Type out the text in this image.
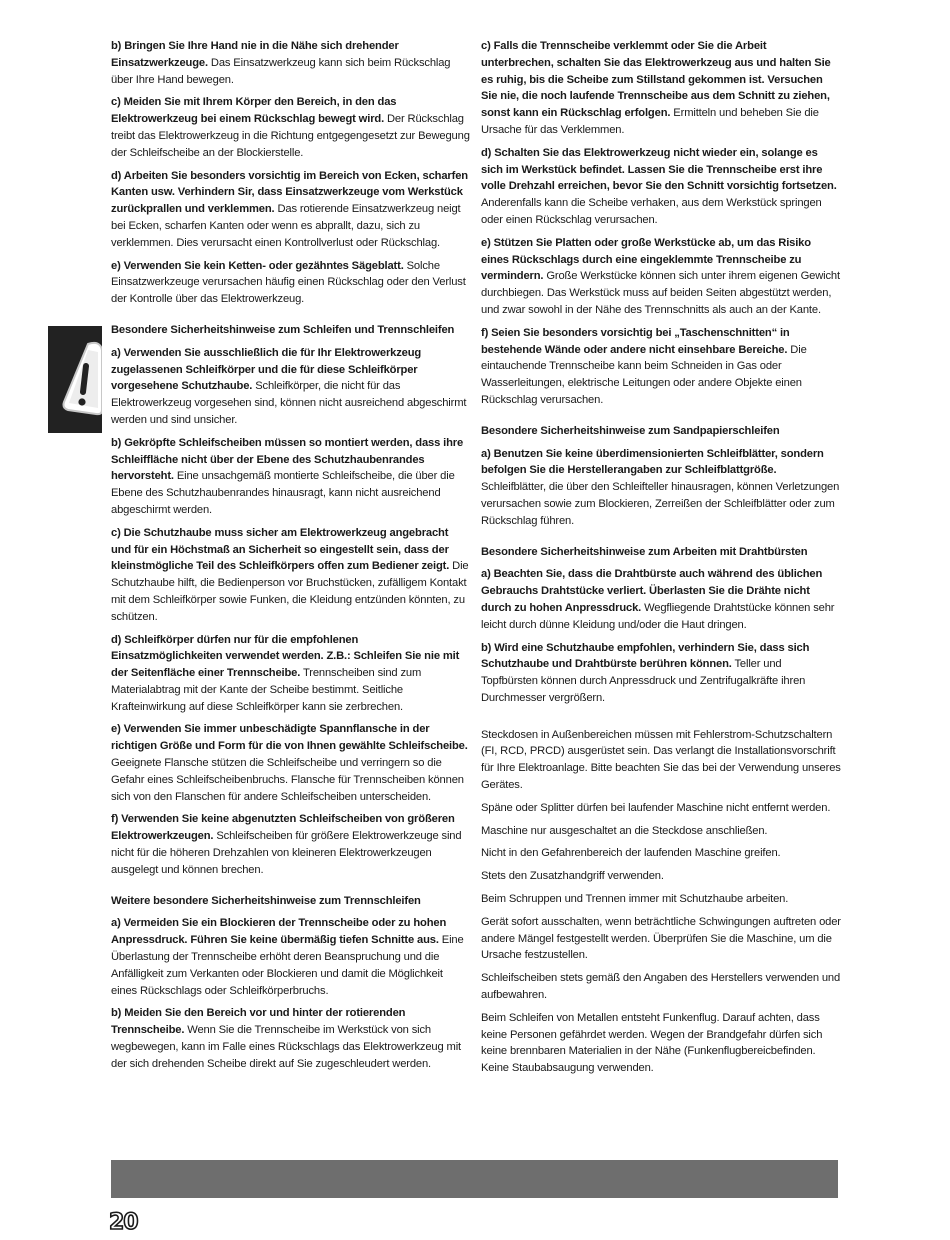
b) Bringen Sie Ihre Hand nie in die Nähe sich drehender Einsatzwerkzeuge. Das Einsatzwerkzeug kann sich beim Rückschlag über Ihre Hand bewegen.

c) Meiden Sie mit Ihrem Körper den Bereich, in den das Elektrowerkzeug bei einem Rückschlag bewegt wird. Der Rückschlag treibt das Elektrowerkzeug in die Richtung entgegengesetzt zur Bewegung der Schleifscheibe an der Blockierstelle.

d) Arbeiten Sie besonders vorsichtig im Bereich von Ecken, scharfen Kanten usw. Verhindern Sir, dass Einsatzwerkzeuge vom Werkstück zurückprallen und verklemmen. Das rotierende Einsatzwerkzeug neigt bei Ecken, scharfen Kanten oder wenn es abprallt, dazu, sich zu verklemmen. Dies verursacht einen Kontrollverlust oder Rückschlag.

e) Verwenden Sie kein Ketten- oder gezähntes Sägeblatt. Solche Einsatzwerkzeuge verursachen häufig einen Rückschlag oder den Verlust der Kontrolle über das Elektrowerkzeug.

Besondere Sicherheitshinweise zum Schleifen und Trennschleifen

a) Verwenden Sie ausschließlich die für Ihr Elektrowerkzeug zugelassenen Schleifkörper und die für diese Schleifkörper vorgesehene Schutzhaube. Schleifkörper, die nicht für das Elektrowerkzeug vorgesehen sind, können nicht ausreichend abgeschirmt werden und sind unsicher.

b) Gekröpfte Schleifscheiben müssen so montiert werden, dass ihre Schleiffläche nicht über der Ebene des Schutzhaubenrandes hervorsteht. Eine unsachgemäß montierte Schleifscheibe, die über die Ebene des Schutzhaubenrandes hinausragt, kann nicht ausreichend abgeschirmt werden.

c) Die Schutzhaube muss sicher am Elektrowerkzeug angebracht und für ein Höchstmaß an Sicherheit so eingestellt sein, dass der kleinstmögliche Teil des Schleifkörpers offen zum Bediener zeigt. Die Schutzhaube hilft, die Bedienperson vor Bruchstücken, zufälligem Kontakt mit dem Schleifkörper sowie Funken, die Kleidung entzünden könnten, zu schützen.

d) Schleifkörper dürfen nur für die empfohlenen Einsatzmöglichkeiten verwendet werden. Z.B.: Schleifen Sie nie mit der Seitenfläche einer Trennscheibe. Trennscheiben sind zum Materialabtrag mit der Kante der Scheibe bestimmt. Seitliche Krafteinwirkung auf diese Schleifkörper kann sie zerbrechen.

e) Verwenden Sie immer unbeschädigte Spannflansche in der richtigen Größe und Form für die von Ihnen gewählte Schleifscheibe. Geeignete Flansche stützen die Schleifscheibe und verringern so die Gefahr eines Schleifscheibenbruchs. Flansche für Trennscheiben können sich von den Flanschen für andere Schleifscheiben unterscheiden.

f) Verwenden Sie keine abgenutzten Schleifscheiben von größeren Elektrowerkzeugen. Schleifscheiben für größere Elektrowerkzeuge sind nicht für die höheren Drehzahlen von kleineren Elektrowerkzeugen ausgelegt und können brechen.

Weitere besondere Sicherheitshinweise zum Trennschleifen

a) Vermeiden Sie ein Blockieren der Trennscheibe oder zu hohen Anpressdruck. Führen Sie keine übermäßig tiefen Schnitte aus. Eine Überlastung der Trennscheibe erhöht deren Beanspruchung und die Anfälligkeit zum Verkanten oder Blockieren und damit die Möglichkeit eines Rückschlags oder Schleifkörperbruchs.

b) Meiden Sie den Bereich vor und hinter der rotierenden Trennscheibe. Wenn Sie die Trennscheibe im Werkstück von sich wegbewegen, kann im Falle eines Rückschlags das Elektrowerkzeug mit der sich drehenden Scheibe direkt auf Sie zugeschleudert werden.

c) Falls die Trennscheibe verklemmt oder Sie die Arbeit unterbrechen, schalten Sie das Elektrowerkzeug aus und halten Sie es ruhig, bis die Scheibe zum Stillstand gekommen ist. Versuchen Sie nie, die noch laufende Trennscheibe aus dem Schnitt zu ziehen, sonst kann ein Rückschlag erfolgen. Ermitteln und beheben Sie die Ursache für das Verklemmen.

d) Schalten Sie das Elektrowerkzeug nicht wieder ein, solange es sich im Werkstück befindet. Lassen Sie die Trennscheibe erst ihre volle Drehzahl erreichen, bevor Sie den Schnitt vorsichtig fortsetzen. Anderenfalls kann die Scheibe verhaken, aus dem Werkstück springen oder einen Rückschlag verursachen.

e) Stützen Sie Platten oder große Werkstücke ab, um das Risiko eines Rückschlags durch eine eingeklemmte Trennscheibe zu vermindern. Große Werkstücke können sich unter ihrem eigenen Gewicht durchbiegen. Das Werkstück muss auf beiden Seiten abgestützt werden, und zwar sowohl in der Nähe des Trennschnitts als auch an der Kante.

f) Seien Sie besonders vorsichtig bei „Taschenschnitten“ in bestehende Wände oder andere nicht einsehbare Bereiche. Die eintauchende Trennscheibe kann beim Schneiden in Gas oder Wasserleitungen, elektrische Leitungen oder andere Objekte einen Rückschlag verursachen.

Besondere Sicherheitshinweise zum Sandpapierschleifen

a) Benutzen Sie keine überdimensionierten Schleifblätter, sondern befolgen Sie die Herstellerangaben zur Schleifblattgröße. Schleifblätter, die über den Schleifteller hinausragen, können Verletzungen verursachen sowie zum Blockieren, Zerreißen der Schleifblätter oder zum Rückschlag führen.

Besondere Sicherheitshinweise zum Arbeiten mit Drahtbürsten

a) Beachten Sie, dass die Drahtbürste auch während des üblichen Gebrauchs Drahtstücke verliert. Überlasten Sie die Drähte nicht durch zu hohen Anpressdruck. Wegfliegende Drahtstücke können sehr leicht durch dünne Kleidung und/oder die Haut dringen.

b) Wird eine Schutzhaube empfohlen, verhindern Sie, dass sich Schutzhaube und Drahtbürste berühren können. Teller und Topfbürsten können durch Anpressdruck und Zentrifugalkräfte ihren Durchmesser vergrößern.

Steckdosen in Außenbereichen müssen mit Fehlerstrom-Schutzschaltern (FI, RCD, PRCD) ausgerüstet sein. Das verlangt die Installationsvorschrift für Ihre Elektroanlage. Bitte beachten Sie das bei der Verwendung unseres Gerätes.

Späne oder Splitter dürfen bei laufender Maschine nicht entfernt werden.

Maschine nur ausgeschaltet an die Steckdose anschließen.

Nicht in den Gefahrenbereich der laufenden Maschine greifen.

Stets den Zusatzhandgriff verwenden.

Beim Schruppen und Trennen immer mit Schutzhaube arbeiten.

Gerät sofort ausschalten, wenn beträchtliche Schwingungen auftreten oder andere Mängel festgestellt werden. Überprüfen Sie die Maschine, um die Ursache festzustellen.

Schleifscheiben stets gemäß den Angaben des Herstellers verwenden und aufbewahren.

Beim Schleifen von Metallen entsteht Funkenflug. Darauf achten, dass keine Personen gefährdet werden. Wegen der Brandgefahr dürfen sich keine brennbaren Materialien in der Nähe (Funkenflugbereicbefinden. Keine Staubabsaugung verwenden.

20
